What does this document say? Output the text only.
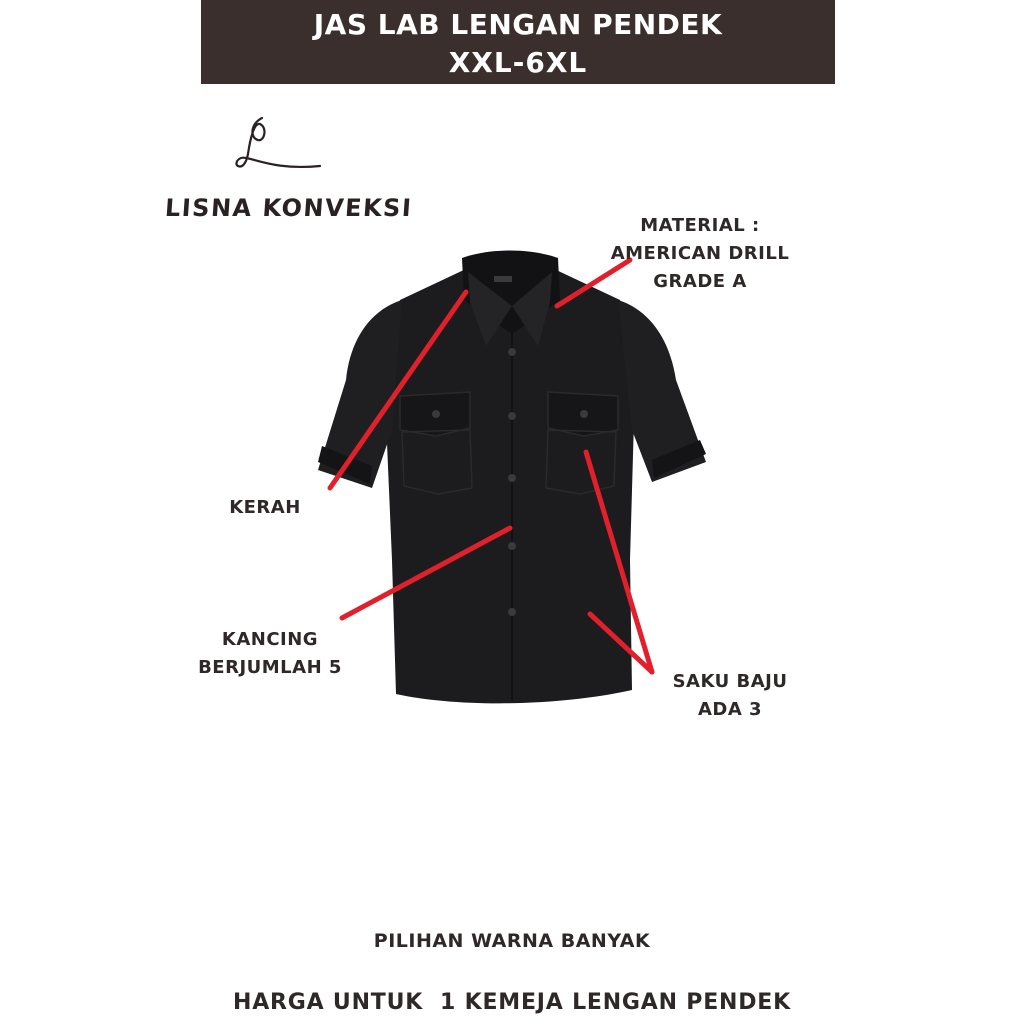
JAS LAB LENGAN PENDEK
XXL-6XL
LISNA KONVEKSI
MATERIAL :
AMERICAN DRILL
GRADE A
KERAH
KANCING
BERJUMLAH 5
SAKU BAJU
ADA 3
PILIHAN WARNA BANYAK
HARGA UNTUK  1 KEMEJA LENGAN PENDEK
